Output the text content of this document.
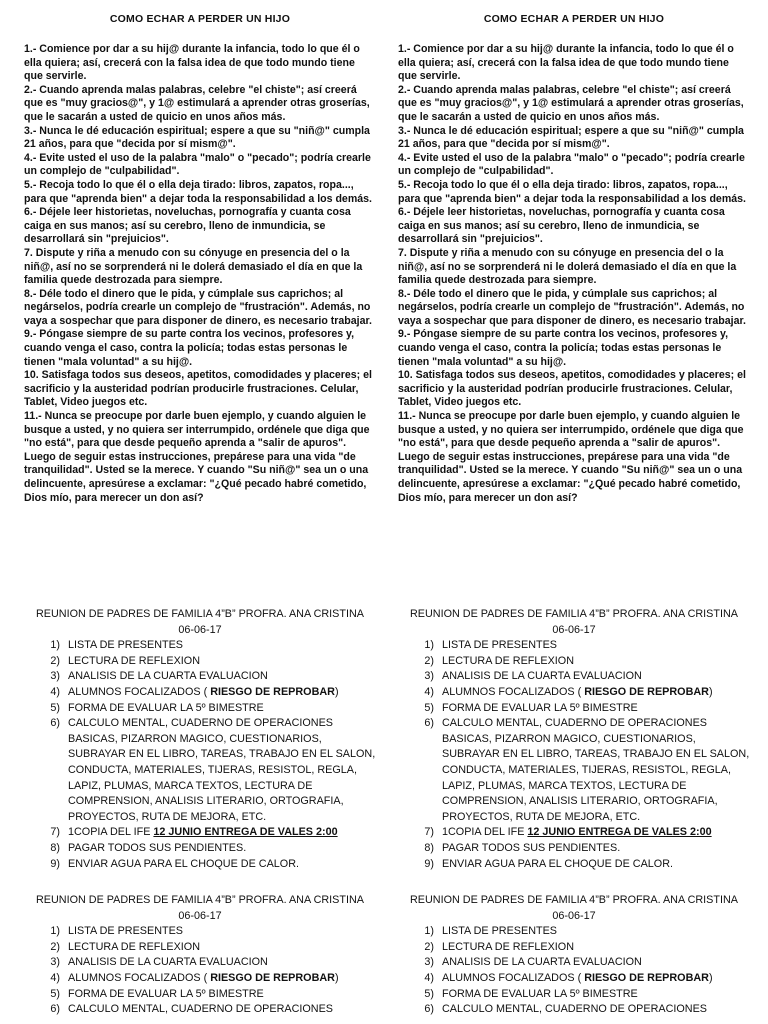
COMO ECHAR A PERDER UN HIJO

1.- Comience por dar a su hij@ durante la infancia, todo lo que él o ella quiera; así, crecerá con la falsa idea de que todo mundo tiene que servirle.

2.- Cuando aprenda malas palabras, celebre "el chiste"; así creerá que es "muy gracios@", y 1@ estimulará a aprender otras groserías, que le sacarán a usted de quicio en unos años más.

3.- Nunca le dé educación espiritual; espere a que su "niñ@" cumpla 21 años, para que "decida por sí mism@".

4.- Evite usted el uso de la palabra "malo" o "pecado"; podría crearle un complejo de "culpabilidad".

5.- Recoja todo lo que él o ella deja tirado: libros, zapatos, ropa..., para que "aprenda bien" a dejar toda la responsabilidad a los demás.

6.- Déjele leer historietas, noveluchas, pornografía y cuanta cosa caiga en sus manos; así su cerebro, lleno de inmundicia, se desarrollará sin "prejuicios".

7. Dispute y riña a menudo con su cónyuge en presencia del o la niñ@, así no se sorprenderá ni le dolerá demasiado el día en que la familia quede destrozada para siempre.

8.- Déle todo el dinero que le pida, y cúmplale sus caprichos; al negárselos, podría crearle un complejo de "frustración". Además, no vaya a sospechar que para disponer de dinero, es necesario trabajar.

9.- Póngase siempre de su parte contra los vecinos, profesores y, cuando venga el caso, contra la policía; todas estas personas le tienen "mala voluntad" a su hij@.

10. Satisfaga todos sus deseos, apetitos, comodidades y placeres; el sacrificio y la austeridad podrían producirle frustraciones. Celular, Tablet, Video juegos etc.

11.- Nunca se preocupe por darle buen ejemplo, y cuando alguien le busque a usted, y no quiera ser interrumpido, ordénele que diga que "no está", para que desde pequeño aprenda a "salir de apuros".

Luego de seguir estas instrucciones, prepárese para una vida "de tranquilidad". Usted se la merece. Y cuando "Su niñ@" sea un o una delincuente, apresúrese a exclamar: "¿Qué pecado habré cometido, Dios mío, para merecer un don así?

REUNION DE PADRES DE FAMILIA 4”B” PROFRA. ANA CRISTINA
06-06-17
1) LISTA DE PRESENTES
2) LECTURA DE REFLEXION
3) ANALISIS DE LA CUARTA EVALUACION
4) ALUMNOS FOCALIZADOS ( RIESGO DE REPROBAR)
5) FORMA DE EVALUAR LA 5º BIMESTRE
6) CALCULO MENTAL, CUADERNO DE OPERACIONES BASICAS, PIZARRON MAGICO, CUESTIONARIOS, SUBRAYAR EN EL LIBRO, TAREAS, TRABAJO EN EL SALON, CONDUCTA, MATERIALES, TIJERAS, RESISTOL, REGLA, LAPIZ, PLUMAS, MARCA TEXTOS, LECTURA DE COMPRENSION, ANALISIS LITERARIO, ORTOGRAFIA, PROYECTOS, RUTA DE MEJORA, ETC.
7) 1COPIA DEL IFE 12 JUNIO ENTREGA DE VALES 2:00
8) PAGAR TODOS SUS PENDIENTES.
9) ENVIAR AGUA PARA EL CHOQUE DE CALOR.
REUNION DE PADRES DE FAMILIA 4”B” PROFRA. ANA CRISTINA
06-06-17
1) LISTA DE PRESENTES
2) LECTURA DE REFLEXION
3) ANALISIS DE LA CUARTA EVALUACION
4) ALUMNOS FOCALIZADOS ( RIESGO DE REPROBAR)
5) FORMA DE EVALUAR LA 5º BIMESTRE
6) CALCULO MENTAL, CUADERNO DE OPERACIONES
COMO ECHAR A PERDER UN HIJO

1.- Comience por dar a su hij@ durante la infancia, todo lo que él o ella quiera; así, crecerá con la falsa idea de que todo mundo tiene que servirle.

2.- Cuando aprenda malas palabras, celebre "el chiste"; así creerá que es "muy gracios@", y 1@ estimulará a aprender otras groserías, que le sacarán a usted de quicio en unos años más.

3.- Nunca le dé educación espiritual; espere a que su "niñ@" cumpla 21 años, para que "decida por sí mism@".

4.- Evite usted el uso de la palabra "malo" o "pecado"; podría crearle un complejo de "culpabilidad".

5.- Recoja todo lo que él o ella deja tirado: libros, zapatos, ropa..., para que "aprenda bien" a dejar toda la responsabilidad a los demás.

6.- Déjele leer historietas, noveluchas, pornografía y cuanta cosa caiga en sus manos; así su cerebro, lleno de inmundicia, se desarrollará sin "prejuicios".

7. Dispute y riña a menudo con su cónyuge en presencia del o la niñ@, así no se sorprenderá ni le dolerá demasiado el día en que la familia quede destrozada para siempre.

8.- Déle todo el dinero que le pida, y cúmplale sus caprichos; al negárselos, podría crearle un complejo de "frustración". Además, no vaya a sospechar que para disponer de dinero, es necesario trabajar.

9.- Póngase siempre de su parte contra los vecinos, profesores y, cuando venga el caso, contra la policía; todas estas personas le tienen "mala voluntad" a su hij@.

10. Satisfaga todos sus deseos, apetitos, comodidades y placeres; el sacrificio y la austeridad podrían producirle frustraciones. Celular, Tablet, Video juegos etc.

11.- Nunca se preocupe por darle buen ejemplo, y cuando alguien le busque a usted, y no quiera ser interrumpido, ordénele que diga que "no está", para que desde pequeño aprenda a "salir de apuros".

Luego de seguir estas instrucciones, prepárese para una vida "de tranquilidad". Usted se la merece. Y cuando "Su niñ@" sea un o una delincuente, apresúrese a exclamar: "¿Qué pecado habré cometido, Dios mío, para merecer un don así?

REUNION DE PADRES DE FAMILIA 4”B” PROFRA. ANA CRISTINA
06-06-17
1) LISTA DE PRESENTES
2) LECTURA DE REFLEXION
3) ANALISIS DE LA CUARTA EVALUACION
4) ALUMNOS FOCALIZADOS ( RIESGO DE REPROBAR)
5) FORMA DE EVALUAR LA 5º BIMESTRE
6) CALCULO MENTAL, CUADERNO DE OPERACIONES BASICAS, PIZARRON MAGICO, CUESTIONARIOS, SUBRAYAR EN EL LIBRO, TAREAS, TRABAJO EN EL SALON, CONDUCTA, MATERIALES, TIJERAS, RESISTOL, REGLA, LAPIZ, PLUMAS, MARCA TEXTOS, LECTURA DE COMPRENSION, ANALISIS LITERARIO, ORTOGRAFIA, PROYECTOS, RUTA DE MEJORA, ETC.
7) 1COPIA DEL IFE 12 JUNIO ENTREGA DE VALES 2:00
8) PAGAR TODOS SUS PENDIENTES.
9) ENVIAR AGUA PARA EL CHOQUE DE CALOR.
REUNION DE PADRES DE FAMILIA 4”B” PROFRA. ANA CRISTINA
06-06-17
1) LISTA DE PRESENTES
2) LECTURA DE REFLEXION
3) ANALISIS DE LA CUARTA EVALUACION
4) ALUMNOS FOCALIZADOS ( RIESGO DE REPROBAR)
5) FORMA DE EVALUAR LA 5º BIMESTRE
6) CALCULO MENTAL, CUADERNO DE OPERACIONES
